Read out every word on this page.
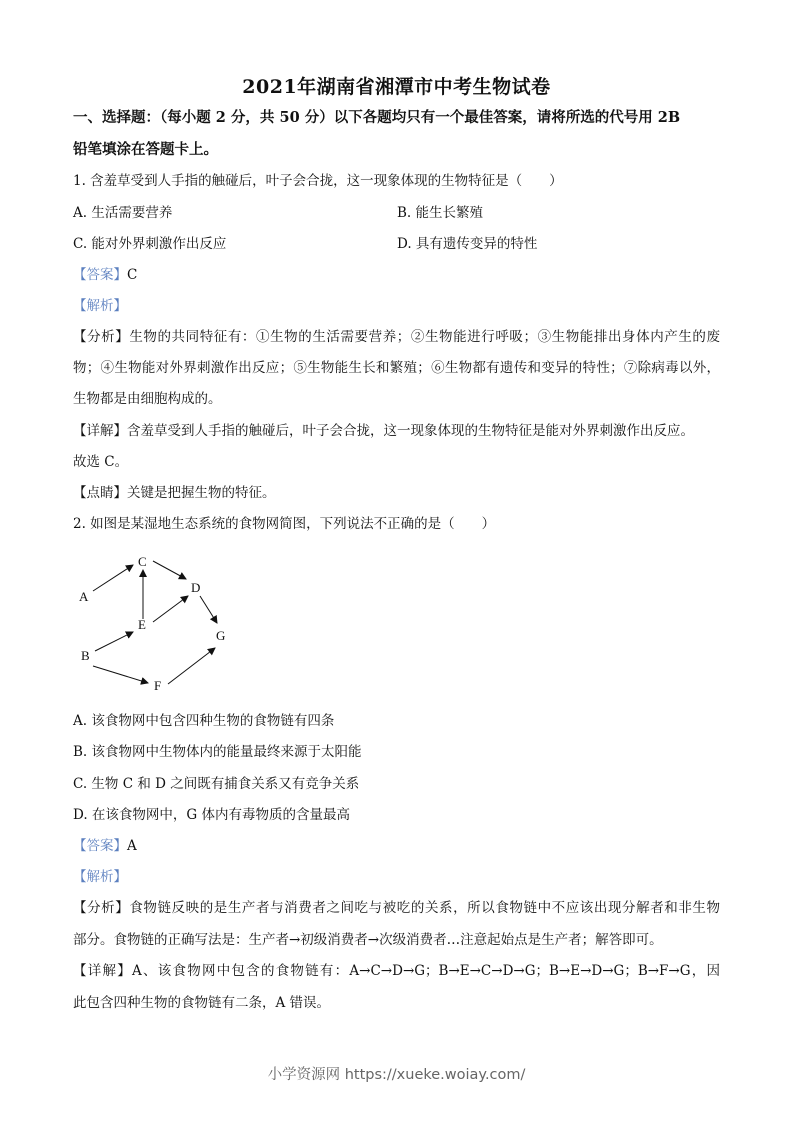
2021年湖南省湘潭市中考生物试卷
一、选择题：（每小题 2 分，共 50 分）以下各题均只有一个最佳答案，请将所选的代号用 2B
铅笔填涂在答题卡上。
1. 含羞草受到人手指的触碰后，叶子会合拢，这一现象体现的生物特征是（　　）
A. 生活需要营养	B. 能生长繁殖
C. 能对外界刺激作出反应	D. 具有遗传变异的特性
【答案】C
【解析】
【分析】生物的共同特征有：①生物的生活需要营养；②生物能进行呼吸；③生物能排出身体内产生的废
物；④生物能对外界刺激作出反应；⑤生物能生长和繁殖；⑥生物都有遗传和变异的特性；⑦除病毒以外，
生物都是由细胞构成的。
【详解】含羞草受到人手指的触碰后，叶子会合拢，这一现象体现的生物特征是能对外界刺激作出反应。
故选 C。
【点睛】关键是把握生物的特征。
2. 如图是某湿地生态系统的食物网简图，下列说法不正确的是（　　）
A
C
D
E
G
B
F
A. 该食物网中包含四种生物的食物链有四条
B. 该食物网中生物体内的能量最终来源于太阳能
C. 生物 C 和 D 之间既有捕食关系又有竞争关系
D. 在该食物网中，G 体内有毒物质的含量最高
【答案】A
【解析】
【分析】食物链反映的是生产者与消费者之间吃与被吃的关系，所以食物链中不应该出现分解者和非生物
部分。食物链的正确写法是：生产者→初级消费者→次级消费者…注意起始点是生产者；解答即可。
【详解】A、该食物网中包含的食物链有：A→C→D→G；B→E→C→D→G；B→E→D→G；B→F→G，因
此包含四种生物的食物链有二条，A 错误。
小学资源网 https://xueke.woiay.com/
